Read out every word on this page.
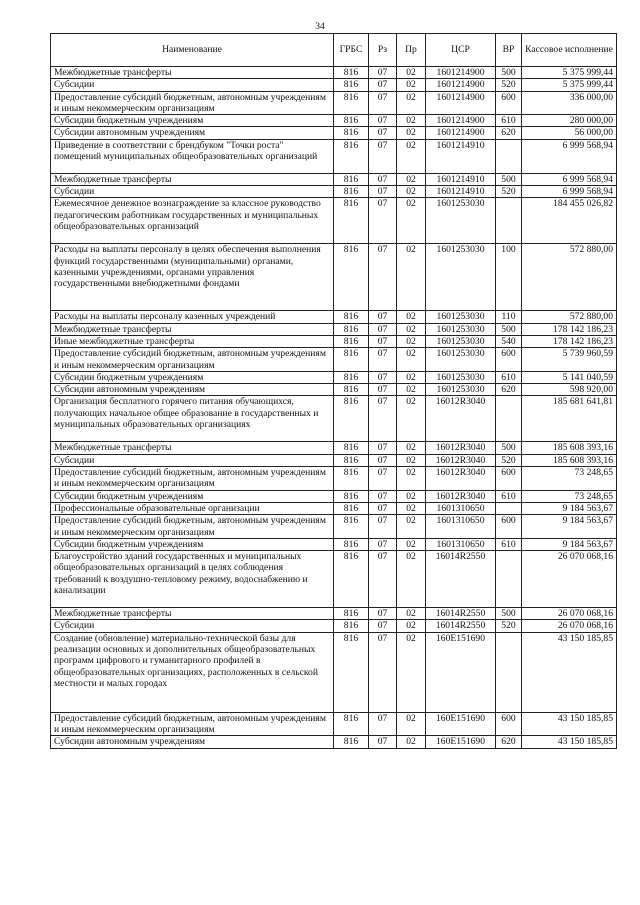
34
Наименование	ГРБС	Рз	Пр	ЦСР	ВР	Кассовое исполнение
Межбюджетные трансферты	816	07	02	1601214900	500	5 375 999,44
Субсидии	816	07	02	1601214900	520	5 375 999,44
Предоставление субсидий бюджетным, автономным учреждениям и иным некоммерческим организациям	816	07	02	1601214900	600	336 000,00
Субсидии бюджетным учреждениям	816	07	02	1601214900	610	280 000,00
Субсидии автономным учреждениям	816	07	02	1601214900	620	56 000,00
Приведение в соответствии с брендбуком "Точки роста" помещений муниципальных общеобразовательных организаций	816	07	02	1601214910		6 999 568,94
Межбюджетные трансферты	816	07	02	1601214910	500	6 999 568,94
Субсидии	816	07	02	1601214910	520	6 999 568,94
Ежемесячное денежное вознаграждение за классное руководство педагогическим работникам государственных и муниципальных общеобразовательных организаций	816	07	02	1601253030		184 455 026,82
Расходы на выплаты персоналу в целях обеспечения выполнения функций государственными (муниципальными) органами, казенными учреждениями, органами управления государственными внебюджетными фондами	816	07	02	1601253030	100	572 880,00
Расходы на выплаты персоналу казенных учреждений	816	07	02	1601253030	110	572 880,00
Межбюджетные трансферты	816	07	02	1601253030	500	178 142 186,23
Иные межбюджетные трансферты	816	07	02	1601253030	540	178 142 186,23
Предоставление субсидий бюджетным, автономным учреждениям и иным некоммерческим организациям	816	07	02	1601253030	600	5 739 960,59
Субсидии бюджетным учреждениям	816	07	02	1601253030	610	5 141 040,59
Субсидии автономным учреждениям	816	07	02	1601253030	620	598 920,00
Организация бесплатного горячего питания обучающихся, получающих начальное общее образование в государственных и муниципальных образовательных организациях	816	07	02	16012R3040		185 681 641,81
Межбюджетные трансферты	816	07	02	16012R3040	500	185 608 393,16
Субсидии	816	07	02	16012R3040	520	185 608 393,16
Предоставление субсидий бюджетным, автономным учреждениям и иным некоммерческим организациям	816	07	02	16012R3040	600	73 248,65
Субсидии бюджетным учреждениям	816	07	02	16012R3040	610	73 248,65
Профессиональные образовательные организации	816	07	02	1601310650		9 184 563,67
Предоставление субсидий бюджетным, автономным учреждениям и иным некоммерческим организациям	816	07	02	1601310650	600	9 184 563,67
Субсидии бюджетным учреждениям	816	07	02	1601310650	610	9 184 563,67
Благоустройство зданий государственных и муниципальных общеобразовательных организаций в целях соблюдения требований к воздушно-тепловому режиму, водоснабжению и канализации	816	07	02	16014R2550		26 070 068,16
Межбюджетные трансферты	816	07	02	16014R2550	500	26 070 068,16
Субсидии	816	07	02	16014R2550	520	26 070 068,16
Создание (обновление) материально-технической базы для реализации основных и дополнительных общеобразовательных программ цифрового и гуманитарного профилей в общеобразовательных организациях, расположенных в сельской местности и малых городах	816	07	02	160E151690		43 150 185,85
Предоставление субсидий бюджетным, автономным учреждениям и иным некоммерческим организациям	816	07	02	160E151690	600	43 150 185,85
Субсидии автономным учреждениям	816	07	02	160E151690	620	43 150 185,85
